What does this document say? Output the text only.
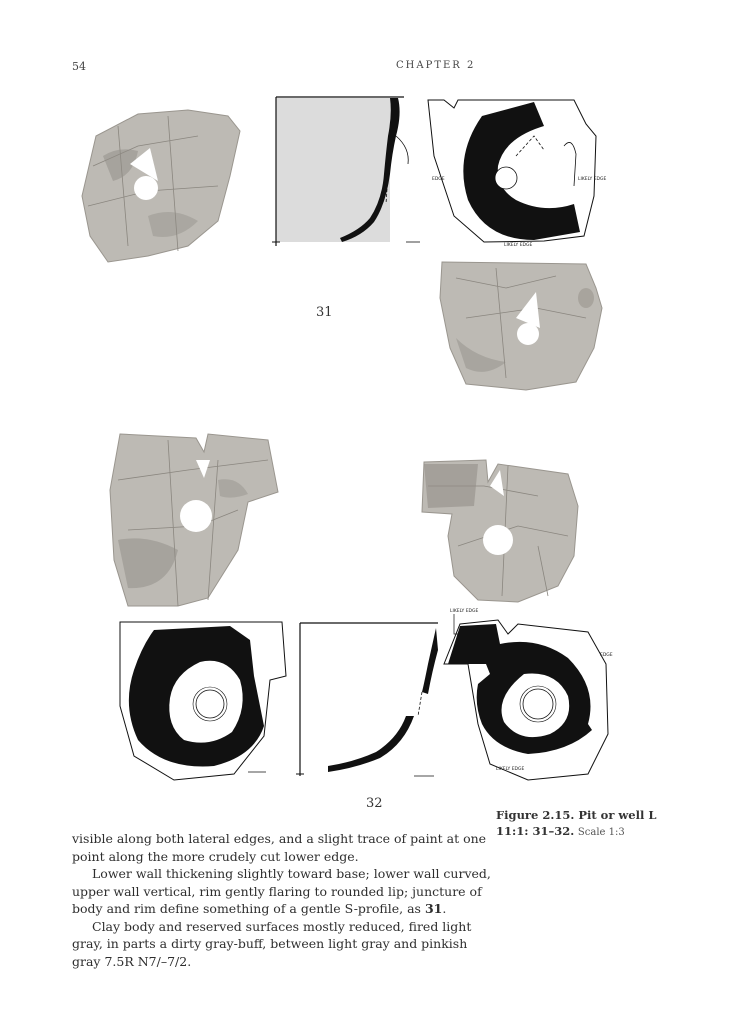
54	CHAPTER 2
EDGE	LIKELY EDGE
LIKELY EDGE
31
LIKELY EDGE
EDGE
LIKELY EDGE
32
Figure 2.15. Pit or well L 11:1: 31–32. Scale 1:3

visible along both lateral edges, and a slight trace of paint at one point along the more crudely cut lower edge.

Lower wall thickening slightly toward base; lower wall curved, upper wall vertical, rim gently flaring to rounded lip; juncture of body and rim define something of a gentle S-profile, as 31.

Clay body and reserved surfaces mostly reduced, fired light gray, in parts a dirty gray-buff, between light gray and pinkish gray 7.5R N7/–7/2.
